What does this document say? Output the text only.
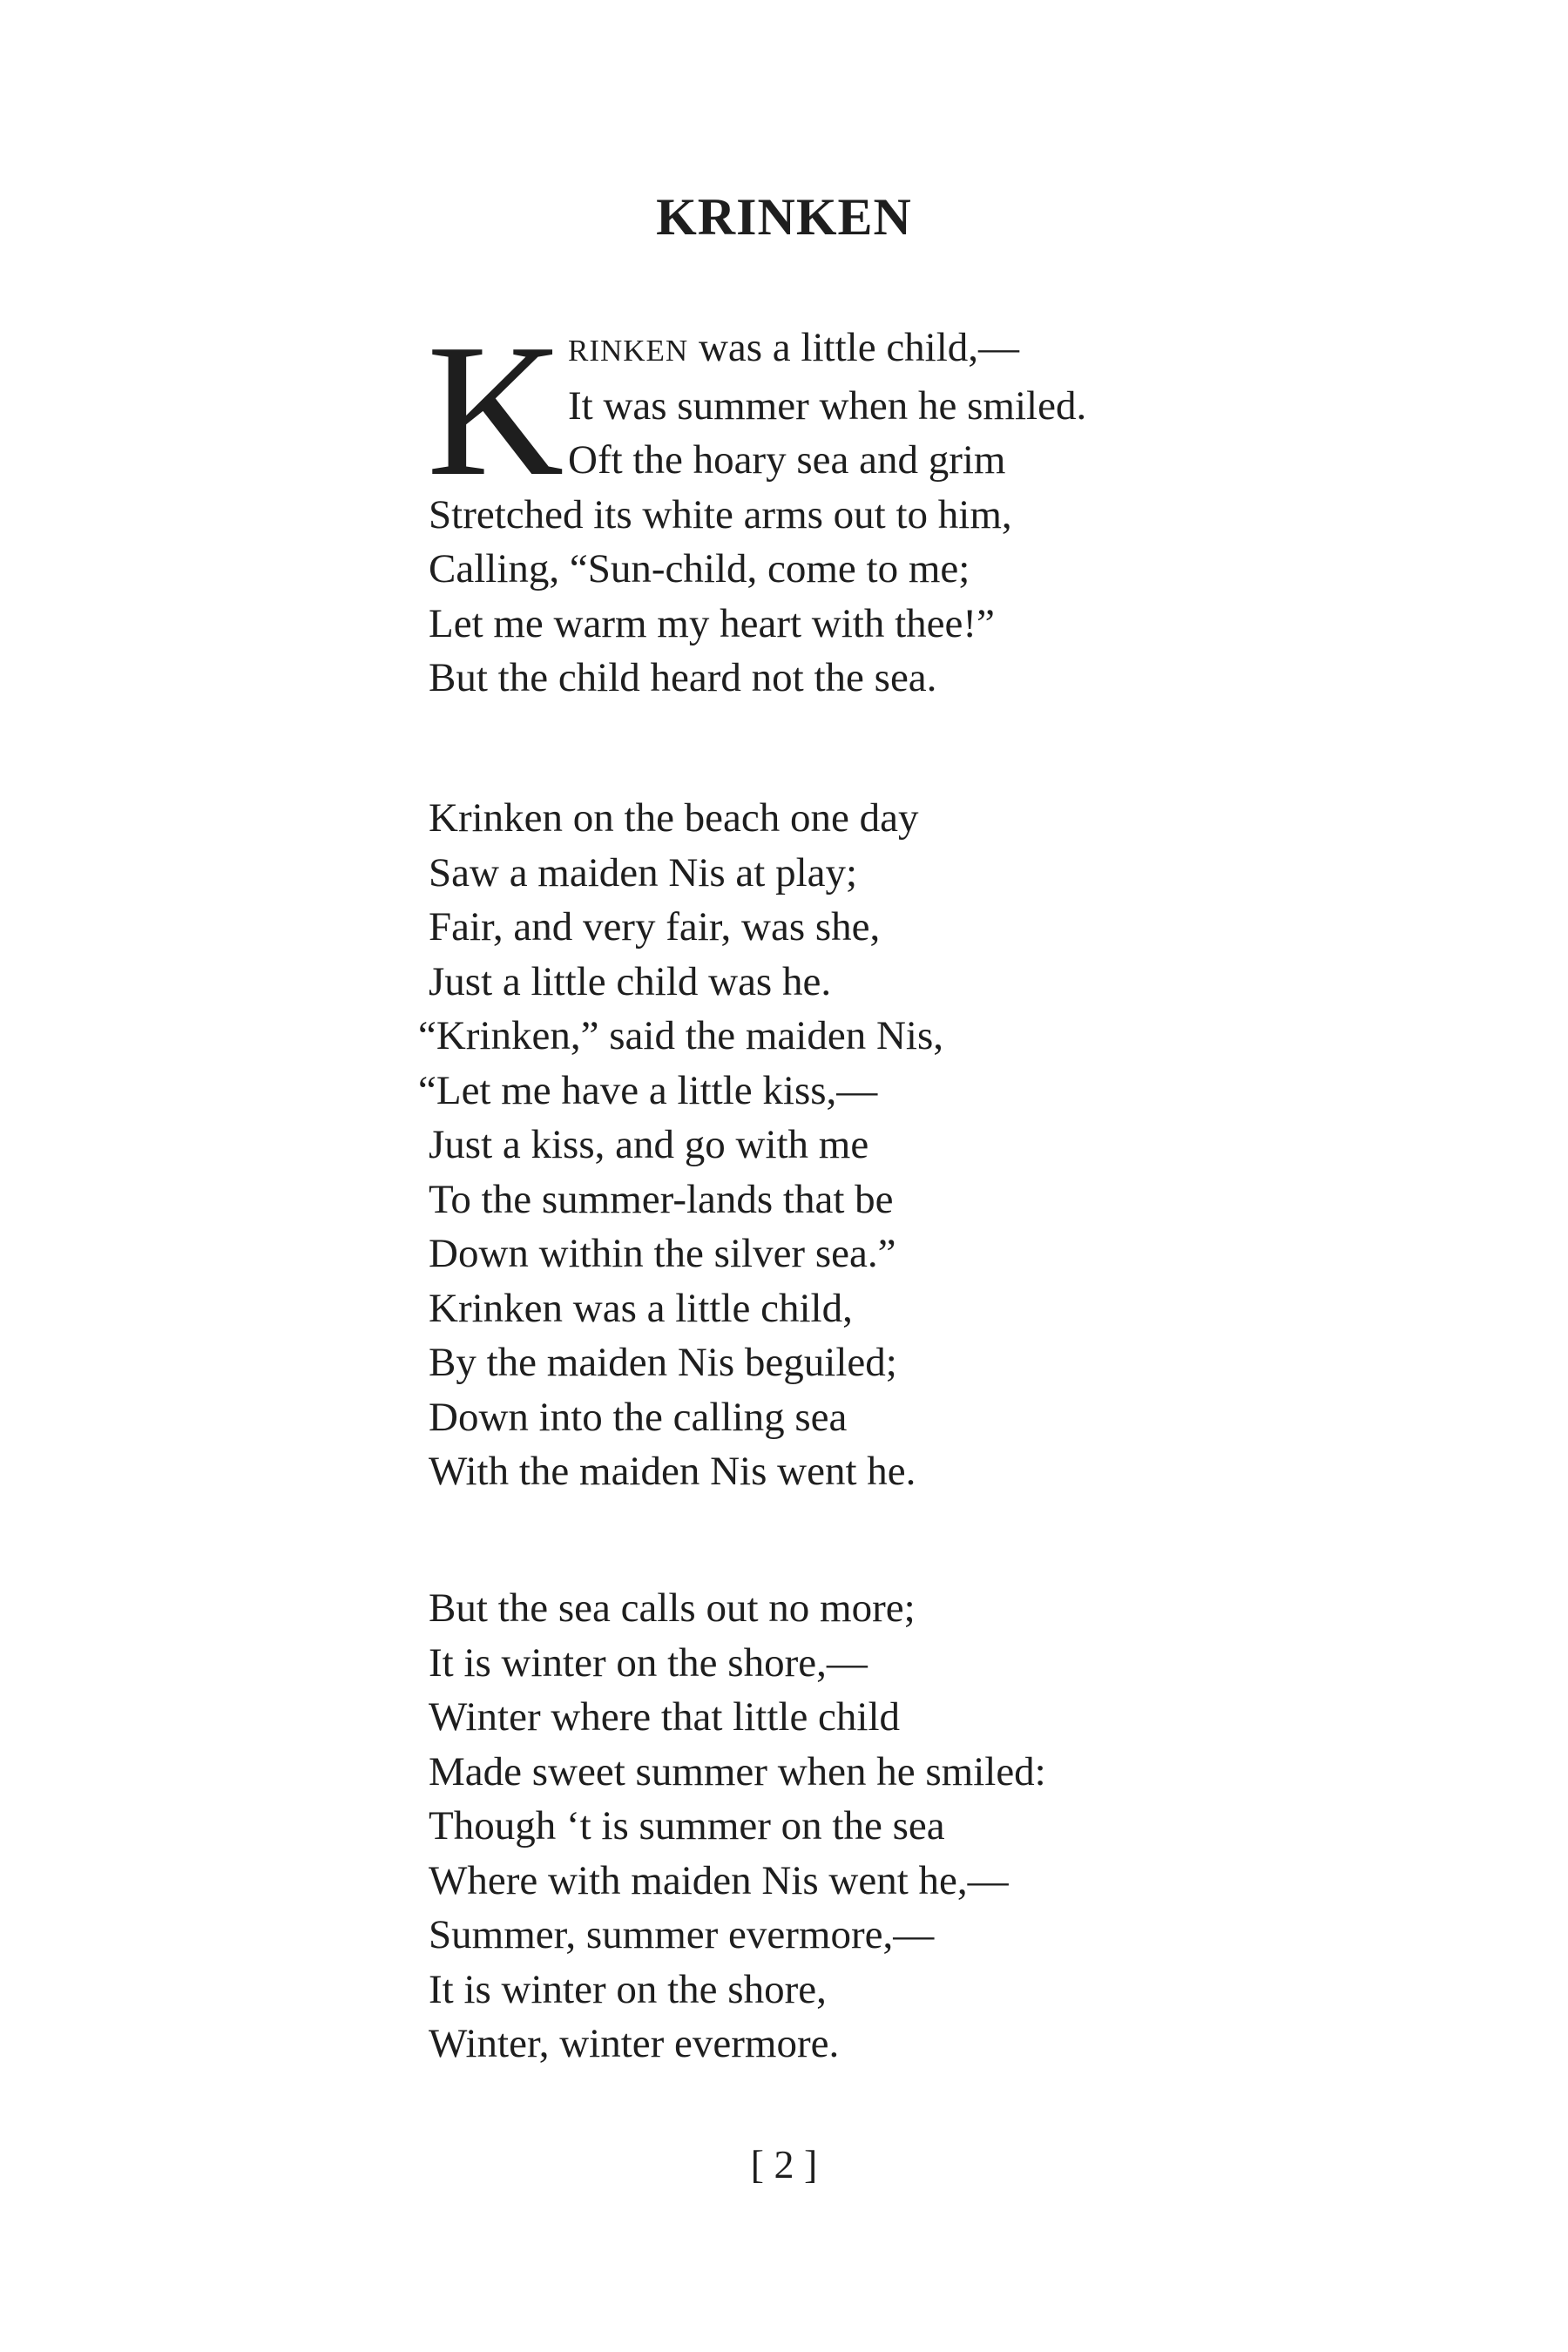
KRINKEN
K RINKEN was a little child,—
It was summer when he smiled.
Oft the hoary sea and grim
Stretched its white arms out to him,
Calling, “Sun-child, come to me;
Let me warm my heart with thee!”
But the child heard not the sea.
Krinken on the beach one day
Saw a maiden Nis at play;
Fair, and very fair, was she,
Just a little child was he.
“Krinken,” said the maiden Nis,
“Let me have a little kiss,—
Just a kiss, and go with me
To the summer-lands that be
Down within the silver sea.”
Krinken was a little child,
By the maiden Nis beguiled;
Down into the calling sea
With the maiden Nis went he.
But the sea calls out no more;
It is winter on the shore,—
Winter where that little child
Made sweet summer when he smiled:
Though ‘t is summer on the sea
Where with maiden Nis went he,—
Summer, summer evermore,—
It is winter on the shore,
Winter, winter evermore.
[ 2 ]
